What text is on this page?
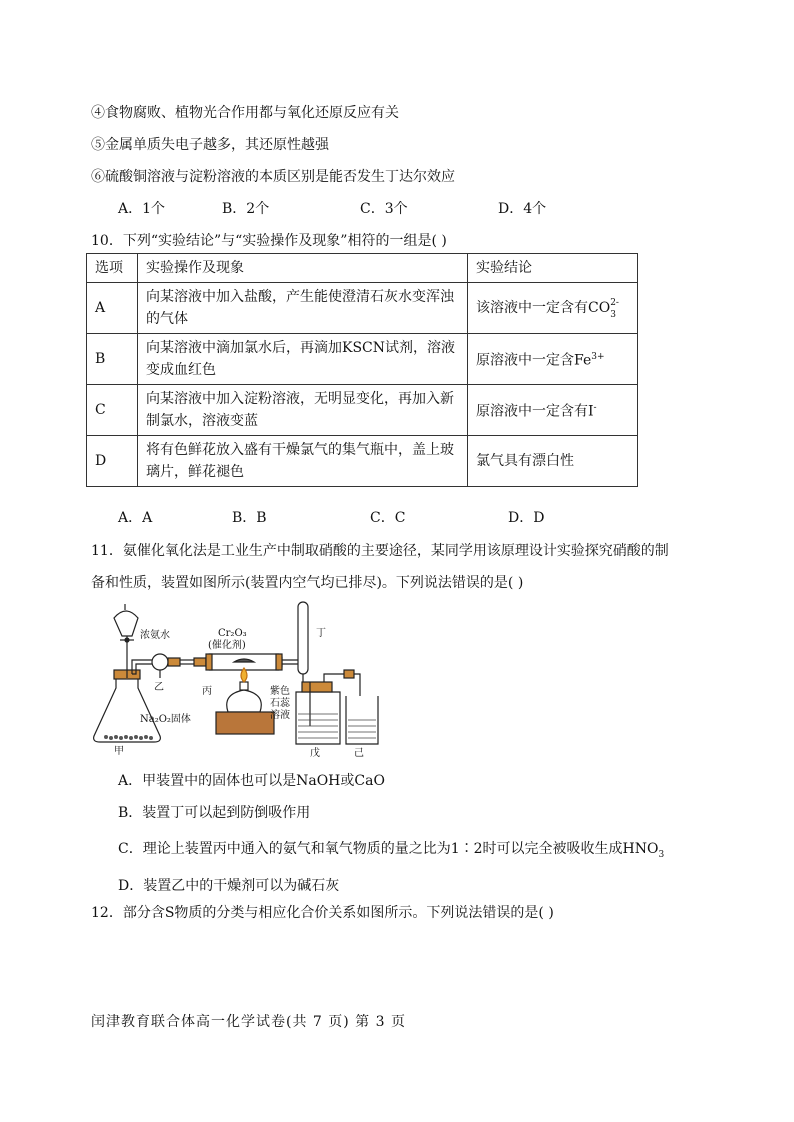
④食物腐败、植物光合作用都与氧化还原反应有关
⑤金属单质失电子越多，其还原性越强
⑥硫酸铜溶液与淀粉溶液的本质区别是能否发生丁达尔效应
A．1个	B．2个	C．3个	D．4个
10．下列“实验结论”与“实验操作及现象”相符的一组是( )
选项	实验操作及现象	实验结论
A	向某溶液中加入盐酸，产生能使澄清石灰水变浑浊
的气体	该溶液中一定含有CO 2-
3

B	向某溶液中滴加氯水后，再滴加KSCN试剂，溶液
变成血红色	原溶液中一定含$Fe^{3+}$
C	向某溶液中加入淀粉溶液，无明显变化，再加入新
制氯水，溶液变蓝	原溶液中一定含有I-
D	将有色鲜花放入盛有干燥氯气的集气瓶中，盖上玻
璃片，鲜花褪色	氯气具有漂白性
A．A	B．B	C．C	D．D
11．氨催化氧化法是工业生产中制取硝酸的主要途径，某同学用该原理设计实验探究硝酸的制
备和性质，装置如图所示(装置内空气均已排尽)。下列说法错误的是( )
浓氨水
Na₂O₂固体
甲
乙
Cr₂O₃
(催化剂)
丙
丁
紫色
石蕊
溶液
戊	己
A．甲装置中的固体也可以是NaOH或CaO
B．装置丁可以起到防倒吸作用
C．理论上装置丙中通入的氨气和氧气物质的量之比为1∶2时可以完全被吸收生成$HNO_3$
D．装置乙中的干燥剂可以为碱石灰
12．部分含S物质的分类与相应化合价关系如图所示。下列说法错误的是( )
闰津教育联合体高一化学试卷(共 7 页) 第 3 页
